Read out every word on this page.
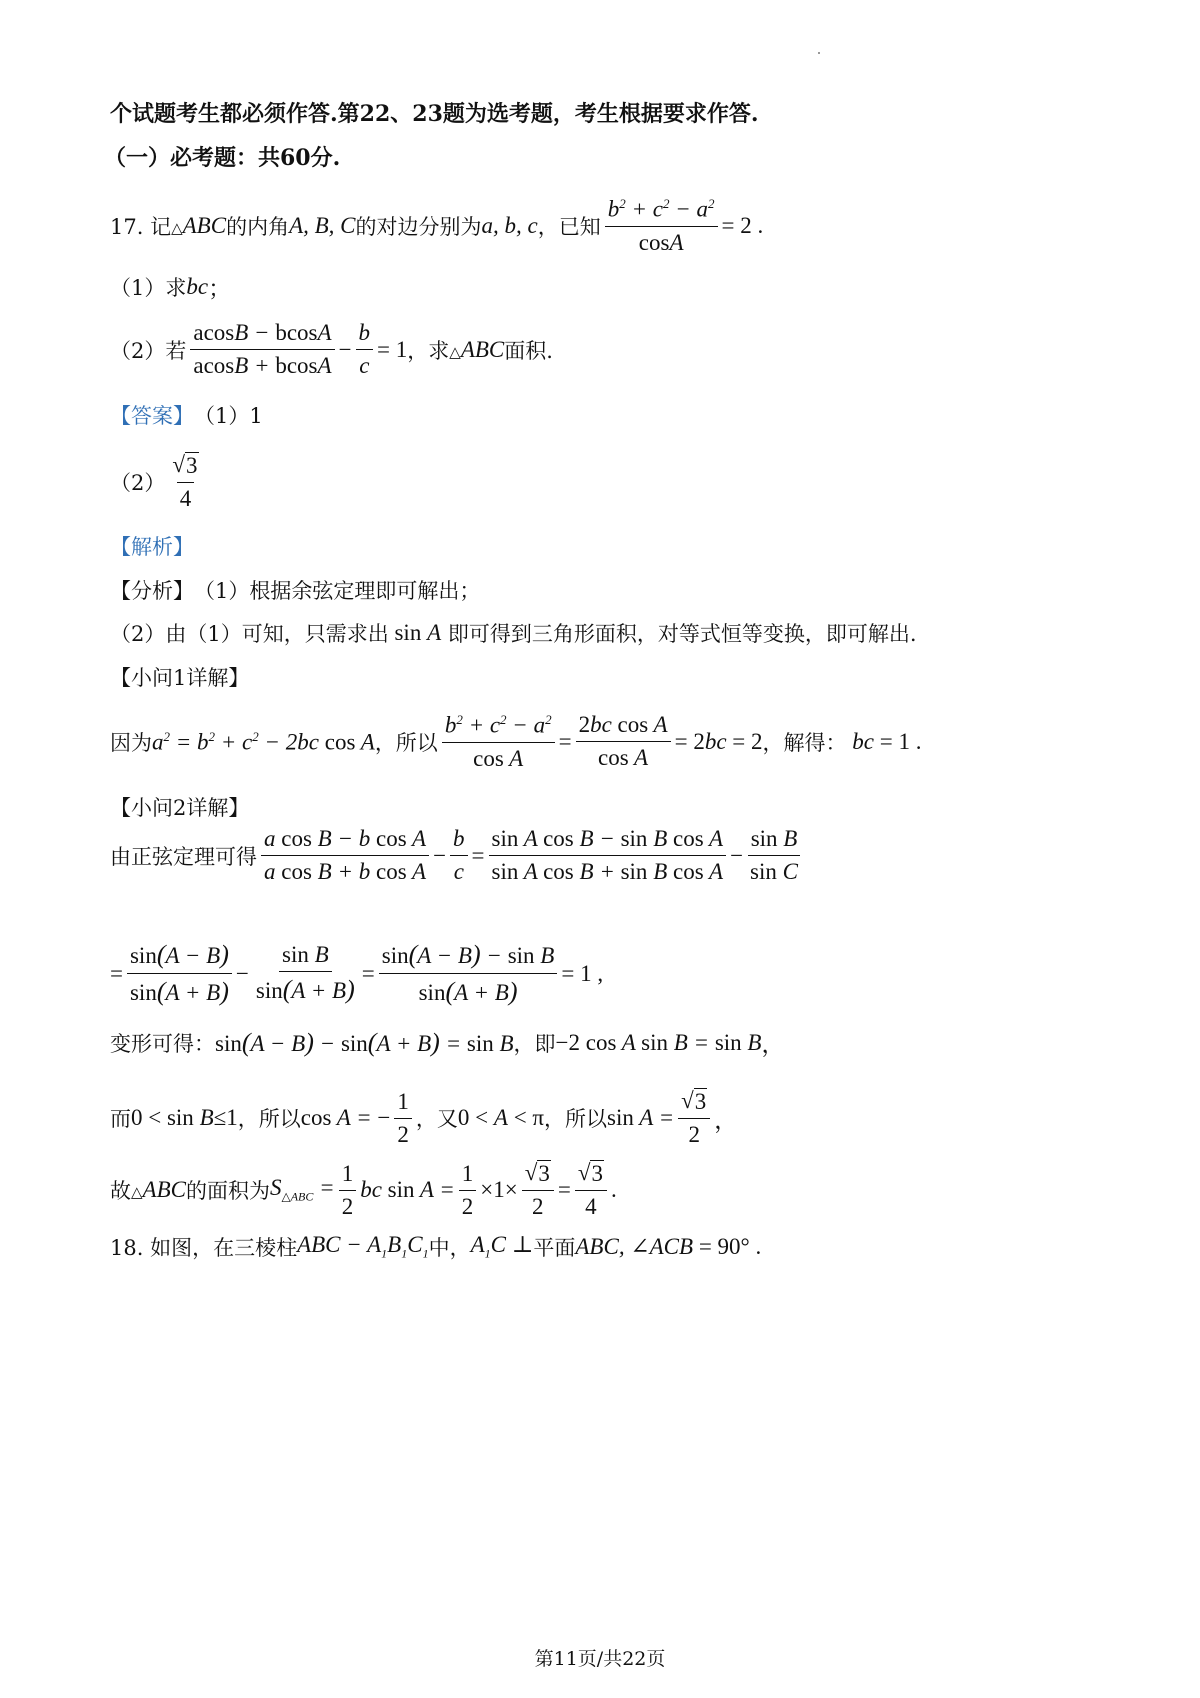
个试题考生都必须作答.第22、23题为选考题，考生根据要求作答.
（一）必考题：共60分.
17. 记 △ABC 的内角 A, B, C 的对边分别为 a, b, c ，已知 $\frac{b^2 + c^2 - a^2}{\cos A} = 2$ .
（1）求 bc ；
（2）若 $\frac{acosB - bcosA}{acosB + bcosA} - \frac{b}{c} = 1$ ，求 △ABC 面积.
【答案】 （1）1
$(2) \frac{√ 3}{4}$
【解析】
【分析】 （1）根据余弦定理即可解出；
（2）由（1）可知，只需求出 sin A
即可得到三角形面积，对等式恒等变换，即可解出.
【小问1详解】
因为 $a^2 = b^2 + c^2 - 2bc$ cos A ，所以 $\frac{b^2 + c^2 - a^2}{\text{cos A}} = \frac{\text{2bc cos A}}{\text{cos A}} = 2$ bc = 2 ，解得： bc = 1 .
【小问2详解】
由正弦定理可得 $\frac{\text{a cos B − b cos A}}{\text{a cos B + b cos A}} - \frac{b}{c} = \frac{\text{sin A cos B − sin B cos A}}{\text{sin A cos B + sin B cos A}} - \frac{\text{sin B}}{\text{sin C}}$
= $\frac{\sin(A - B)}{\sin(A + B)} - \frac{\text{sin B}}{\sin(A + B)} = \frac{\text{sin(A − B) − sin B}}{\sin(A + B)} = 1$ ,
变形可得： sin(A − B) − sin(A + B) = sin B ，即 −2 cos A sin B = sin B ，
而 0 < sin B≤1 ，所以 cos A = − $\frac{1}{2}$ ，又 0 < A < π ，所以 $\sin A = \frac{√ 3}{2}$ ，
故 △ABC 的面积为 $S_{\triangle ABC} = \frac{1}{2}$ bc $\sin A = \frac{1}{2} \times 1\times \frac{√ 3}{2} = \frac{√ 3}{4}$ .
18. 如图，在三棱柱 ABC − $A_1B_1C_1$ 中， $A_1C$ ⊥ 平面 ABC, ∠ACB = 90° .
第11页/共22页
